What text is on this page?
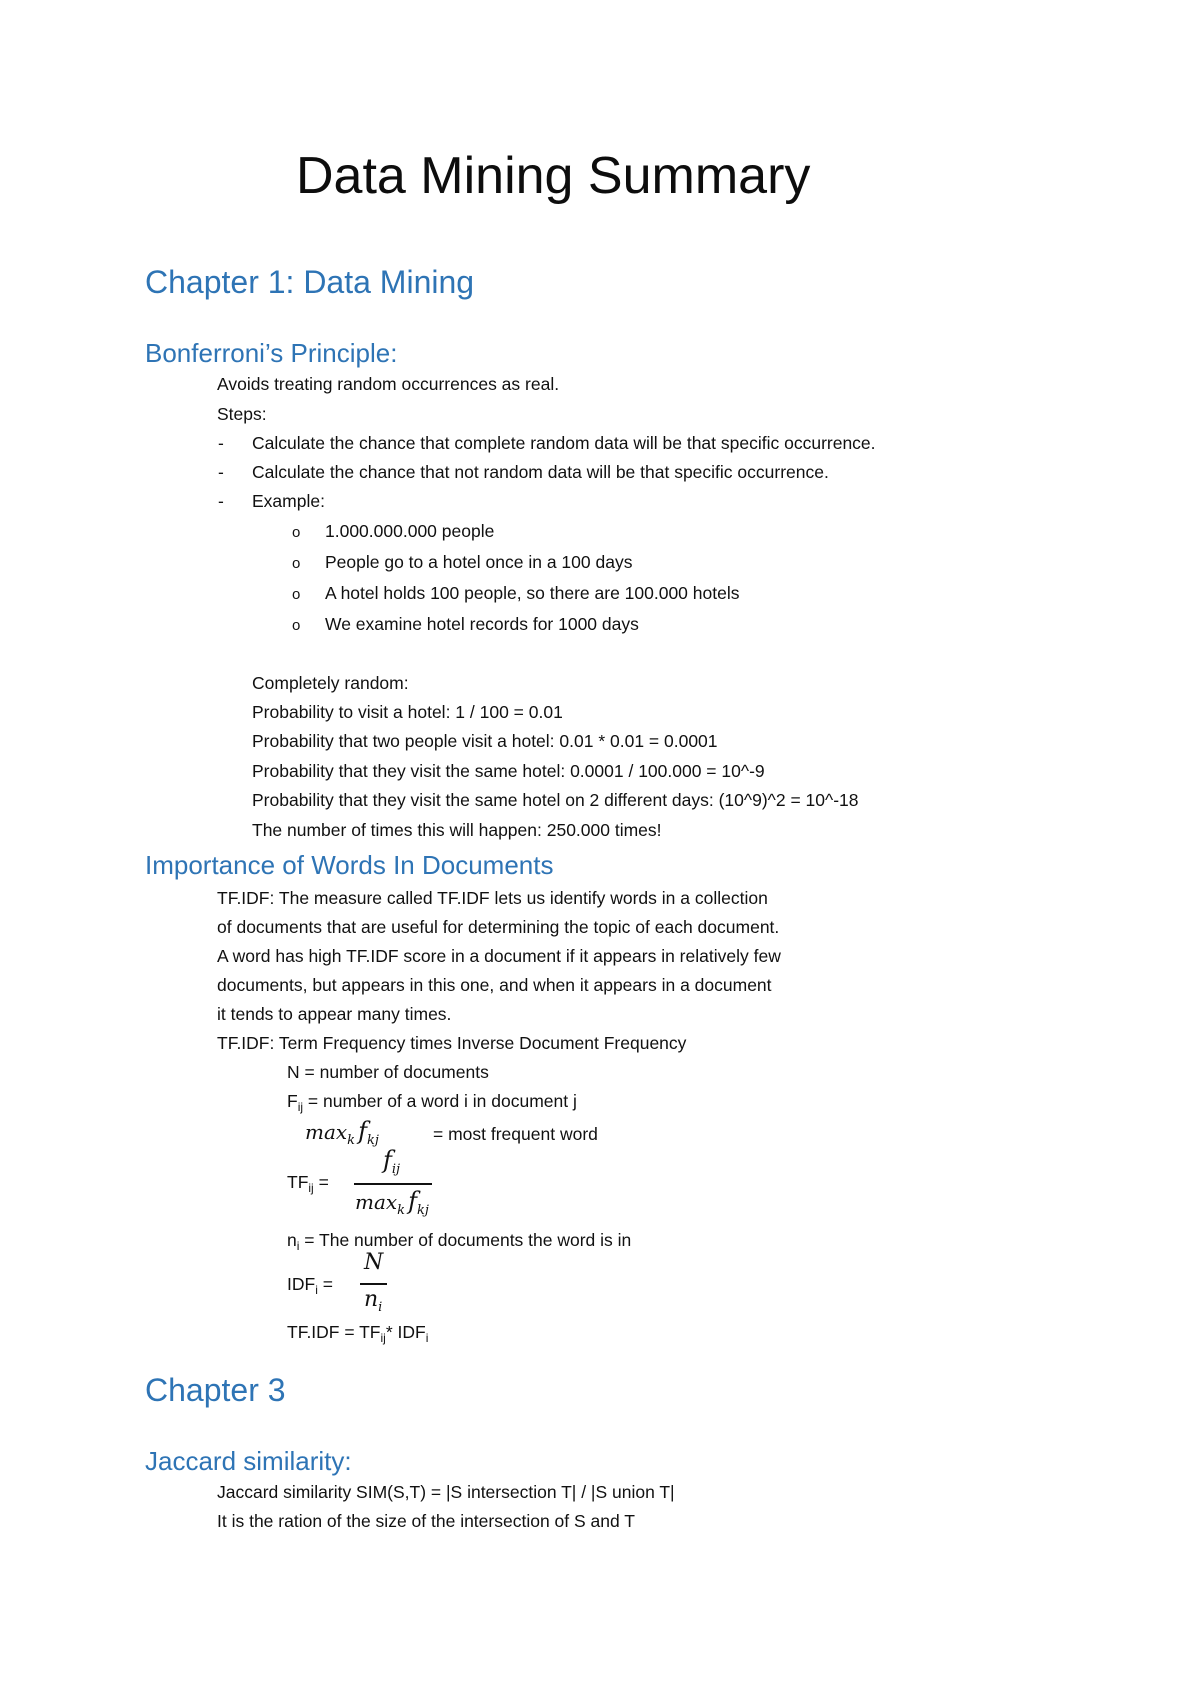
Data Mining Summary
Chapter 1: Data Mining
Bonferroni’s Principle:
Avoids treating random occurrences as real.
Steps:
- Calculate the chance that complete random data will be that specific occurrence.
- Calculate the chance that not random data will be that specific occurrence.
- Example:
o 1.000.000.000 people
o People go to a hotel once in a 100 days
o A hotel holds 100 people, so there are 100.000 hotels
o We examine hotel records for 1000 days
Completely random:
Probability to visit a hotel: 1 / 100 = 0.01
Probability that two people visit a hotel: 0.01 * 0.01 = 0.0001
Probability that they visit the same hotel: 0.0001 / 100.000 = 10^-9
Probability that they visit the same hotel on 2 different days: (10^9)^2 = 10^-18
The number of times this will happen: 250.000 times!
Importance of Words In Documents
TF.IDF: The measure called TF.IDF lets us identify words in a collection
of documents that are useful for determining the topic of each document.
A word has high TF.IDF score in a document if it appears in relatively few
documents, but appears in this one, and when it appears in a document
it tends to appear many times.
TF.IDF: Term Frequency times Inverse Document Frequency
N = number of documents
$F_{ij}$ = number of a word i in document j
$\max_k f_{kj}$	= most frequent word
$TF_{ij}$ =
$f_{ij}$
$\max_k f_{kj}$
$n_i$ = The number of documents the word is in
$IDF_i$ =
N
$n_i$
$TF.IDF = TF_{ij}*$ $IDF_i$
Chapter 3
Jaccard similarity:
Jaccard similarity SIM(S,T) = |S intersection T| / |S union T|
It is the ration of the size of the intersection of S and T
